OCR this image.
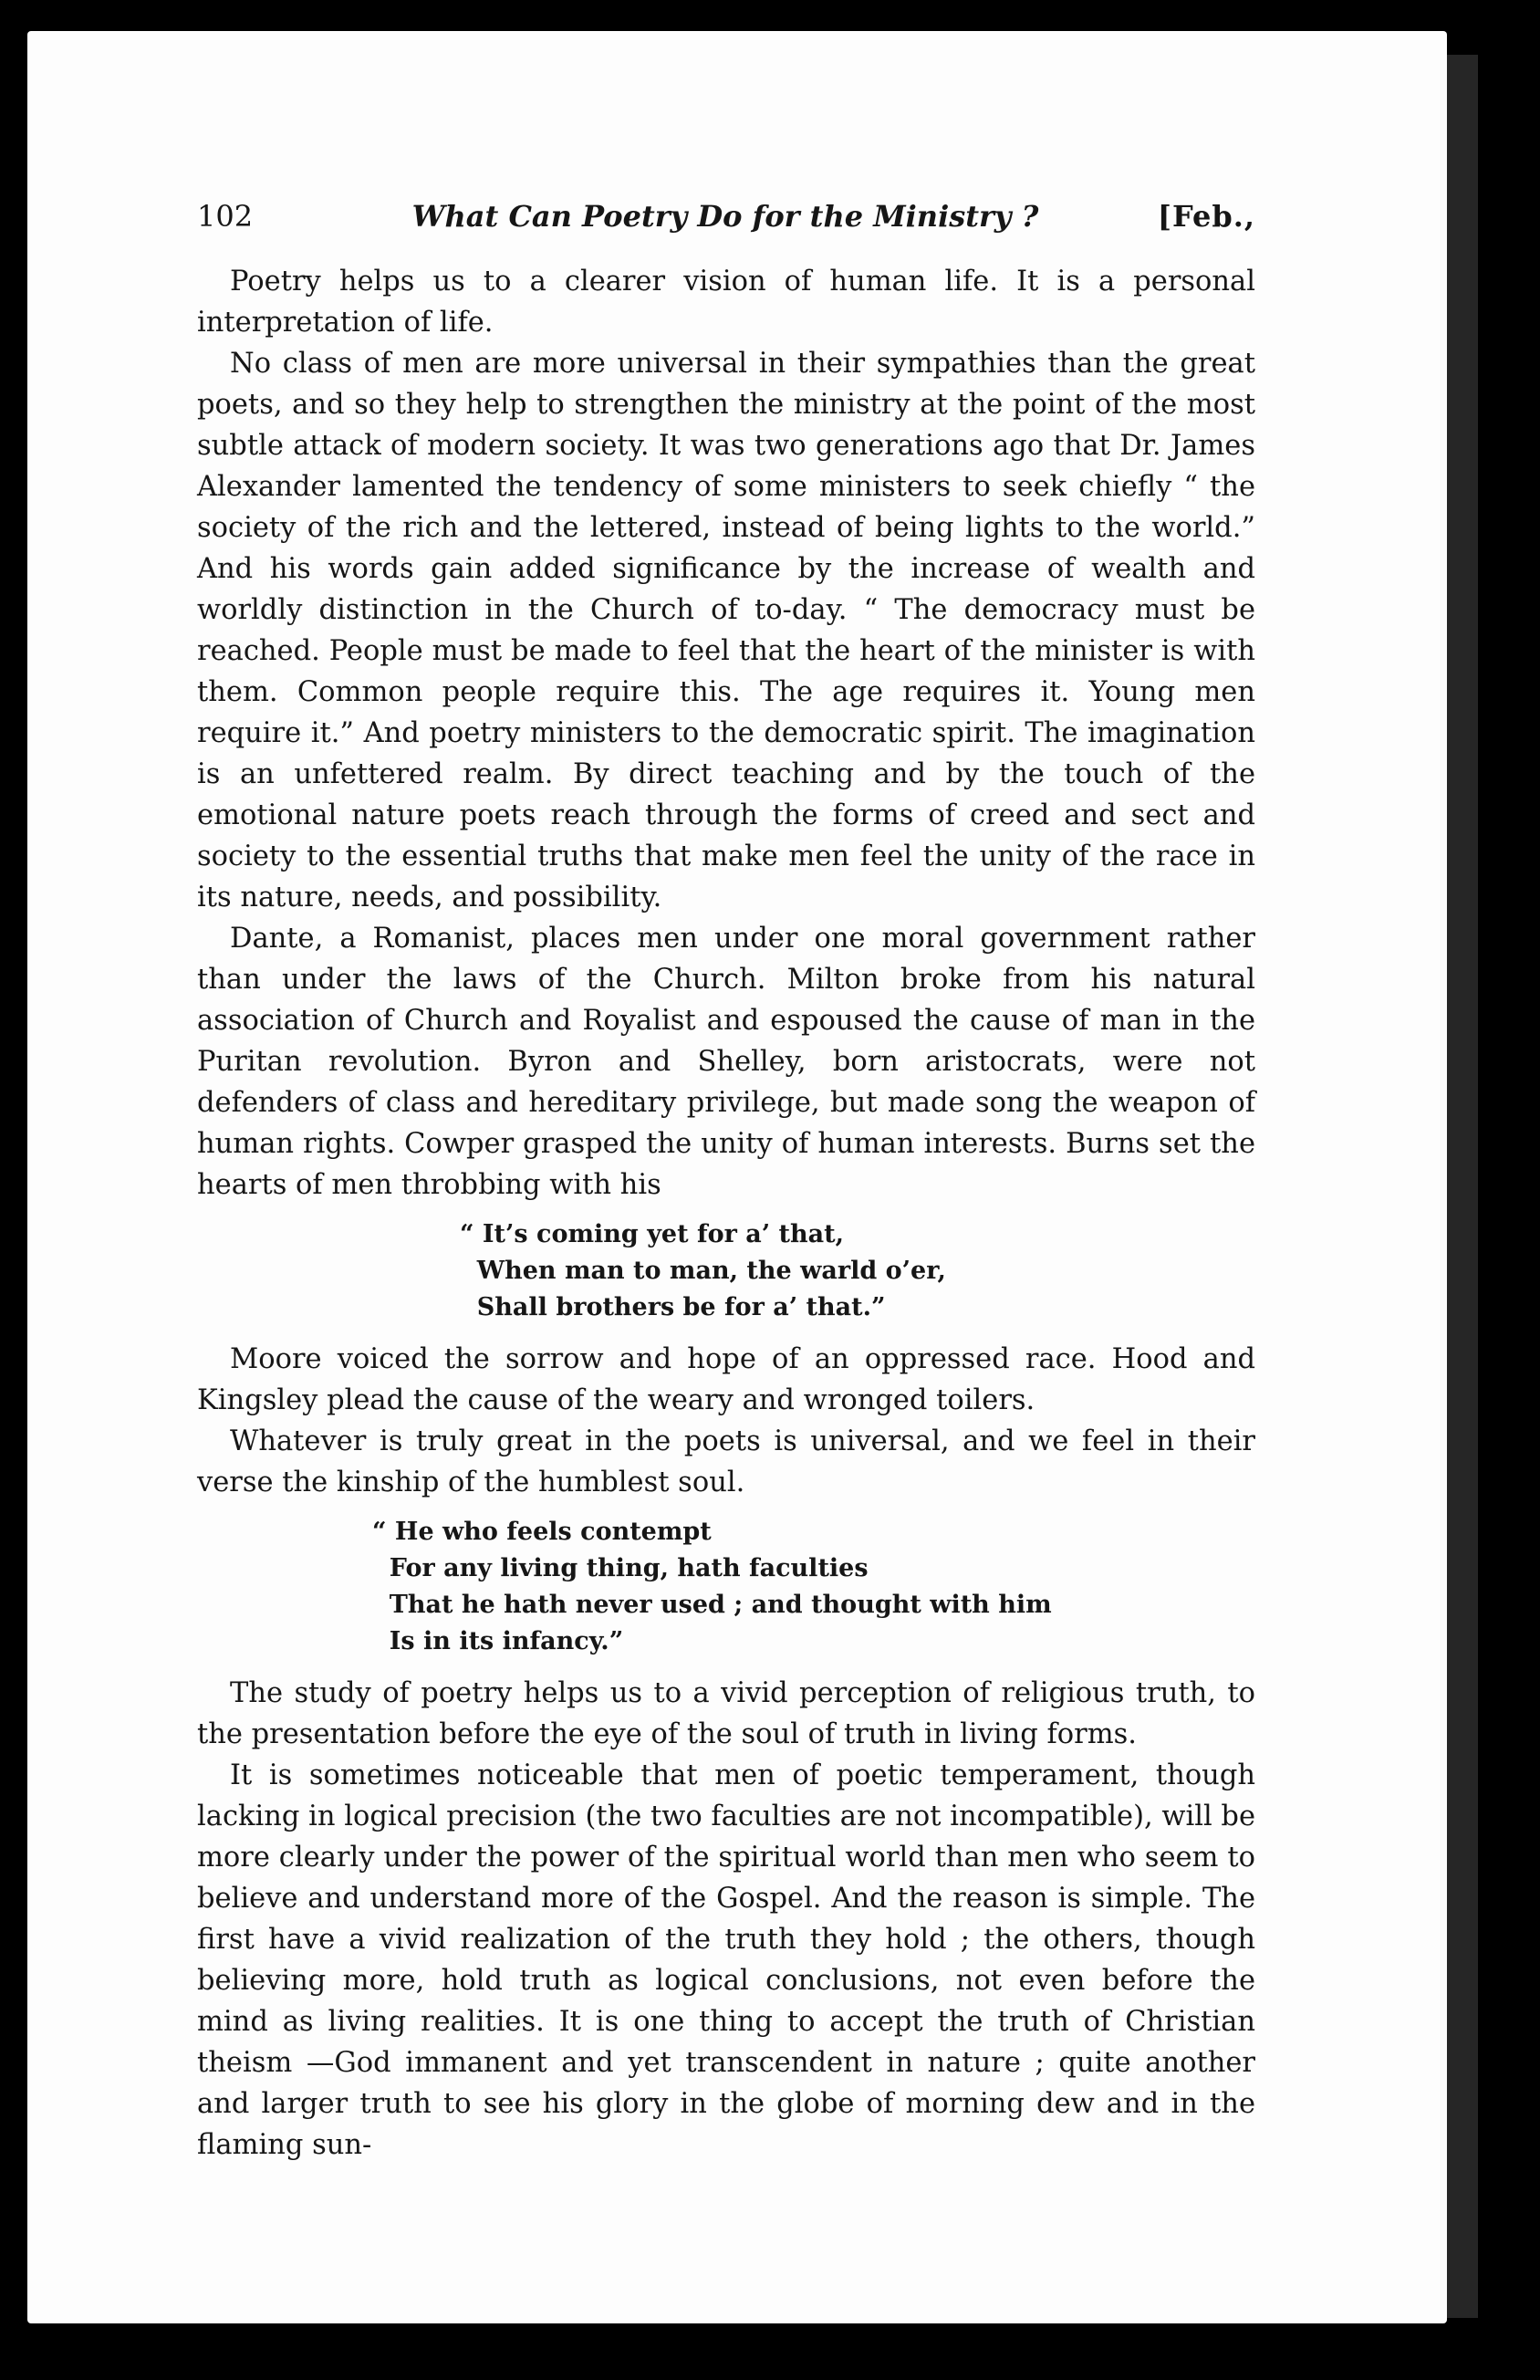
102	What Can Poetry Do for the Ministry ?	[Feb.,

Poetry helps us to a clearer vision of human life. It is a personal interpretation of life.

No class of men are more universal in their sympathies than the great poets, and so they help to strengthen the ministry at the point of the most subtle attack of modern society. It was two generations ago that Dr. James Alexander lamented the tendency of some ministers to seek chiefly “ the society of the rich and the lettered, instead of being lights to the world.” And his words gain added significance by the increase of wealth and worldly distinction in the Church of to-day. “ The democracy must be reached. People must be made to feel that the heart of the minister is with them. Common people require this. The age requires it. Young men require it.” And poetry ministers to the democratic spirit. The imagination is an unfettered realm. By direct teaching and by the touch of the emotional nature poets reach through the forms of creed and sect and society to the essential truths that make men feel the unity of the race in its nature, needs, and possibility.

Dante, a Romanist, places men under one moral government rather than under the laws of the Church. Milton broke from his natural association of Church and Royalist and espoused the cause of man in the Puritan revolution. Byron and Shelley, born aristocrats, were not defenders of class and hereditary privilege, but made song the weapon of human rights. Cowper grasped the unity of human interests. Burns set the hearts of men throbbing with his

“ It’s coming yet for a’ that,
When man to man, the warld o’er,
Shall brothers be for a’ that.”

Moore voiced the sorrow and hope of an oppressed race. Hood and Kingsley plead the cause of the weary and wronged toilers.

Whatever is truly great in the poets is universal, and we feel in their verse the kinship of the humblest soul.

“ He who feels contempt
For any living thing, hath faculties
That he hath never used ; and thought with him
Is in its infancy.”

The study of poetry helps us to a vivid perception of religious truth, to the presentation before the eye of the soul of truth in living forms.

It is sometimes noticeable that men of poetic temperament, though lacking in logical precision (the two faculties are not incompatible), will be more clearly under the power of the spiritual world than men who seem to believe and understand more of the Gospel. And the reason is simple. The first have a vivid realization of the truth they hold ; the others, though believing more, hold truth as logical conclusions, not even before the mind as living realities. It is one thing to accept the truth of Christian theism —God immanent and yet transcendent in nature ; quite another and larger truth to see his glory in the globe of morning dew and in the flaming sun-
